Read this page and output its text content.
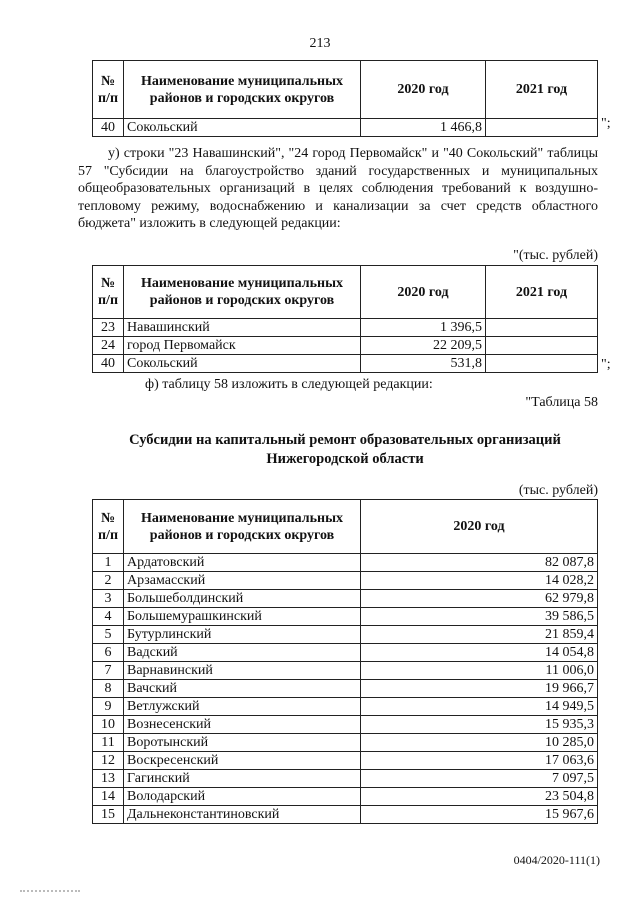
213
№ п/п	Наименование муниципальных районов и городских округов	2020 год	2021 год
40	Сокольский	1 466,8		";
у) строки "23 Навашинский", "24 город Первомайск" и "40 Сокольский" таблицы 57 "Субсидии на благоустройство зданий государственных и муниципальных общеобразовательных организаций в целях соблюдения требований к воздушно-тепловому режиму, водоснабжению и канализации за счет средств областного бюджета" изложить в следующей редакции:
"(тыс. рублей)
№ п/п	Наименование муниципальных районов и городских округов	2020 год	2021 год
23	Навашинский	1 396,5	
24	город Первомайск	22 209,5	
40	Сокольский	531,8		";
ф) таблицу 58 изложить в следующей редакции:
"Таблица 58
Субсидии на капитальный ремонт образовательных организаций
Нижегородской области
(тыс. рублей)
№ п/п	Наименование муниципальных районов и городских округов	2020 год
1	Ардатовский	82 087,8
2	Арзамасский	14 028,2
3	Большеболдинский	62 979,8
4	Большемурашкинский	39 586,5
5	Бутурлинский	21 859,4
6	Вадский	14 054,8
7	Варнавинский	11 006,0
8	Вачский	19 966,7
9	Ветлужский	14 949,5
10	Вознесенский	15 935,3
11	Воротынский	10 285,0
12	Воскресенский	17 063,6
13	Гагинский	7 097,5
14	Володарский	23 504,8
15	Дальнеконстантиновский	15 967,6
0404/2020-111(1)
